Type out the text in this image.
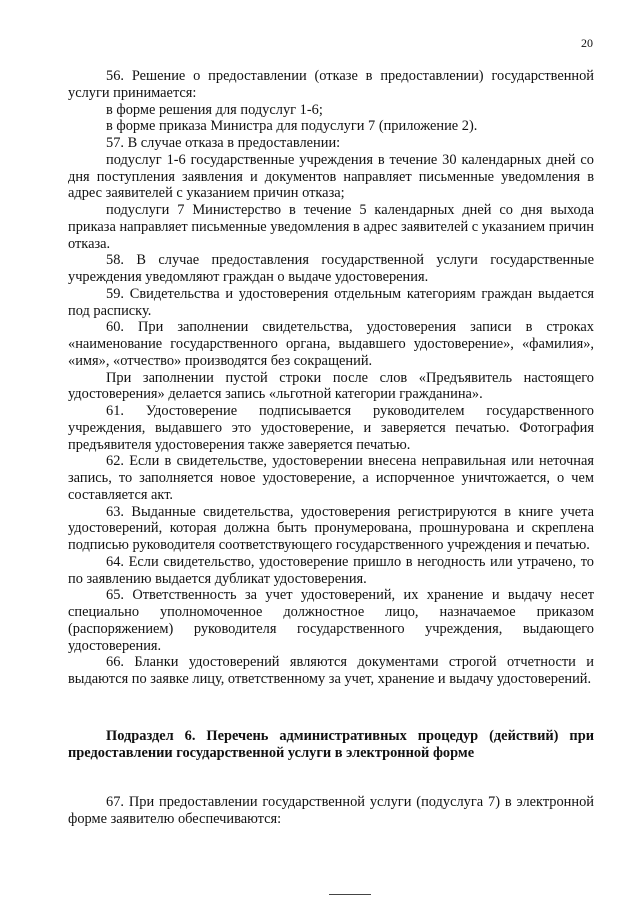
20

56. Решение о предоставлении (отказе в предоставлении) государственной услуги принимается:

в форме решения для подуслуг 1-6;

в форме приказа Министра для подуслуги 7 (приложение 2).

57. В случае отказа в предоставлении:

подуслуг 1-6 государственные учреждения в течение 30 календарных дней со дня поступления заявления и документов направляет письменные уведомления в адрес заявителей с указанием причин отказа;

подуслуги 7 Министерство в течение 5 календарных дней со дня выхода приказа направляет письменные уведомления в адрес заявителей с указанием причин отказа.

58. В случае предоставления государственной услуги государственные учреждения уведомляют граждан о выдаче удостоверения.

59. Свидетельства и удостоверения отдельным категориям граждан выдается под расписку.

60. При заполнении свидетельства, удостоверения записи в строках «наименование государственного органа, выдавшего удостоверение», «фамилия», «имя», «отчество» производятся без сокращений.

При заполнении пустой строки после слов «Предъявитель настоящего удостоверения» делается запись «льготной категории гражданина».

61. Удостоверение подписывается руководителем государственного учреждения, выдавшего это удостоверение, и заверяется печатью. Фотография предъявителя удостоверения также заверяется печатью.

62. Если в свидетельстве, удостоверении внесена неправильная или неточная запись, то заполняется новое удостоверение, а испорченное уничтожается, о чем составляется акт.

63. Выданные свидетельства, удостоверения регистрируются в книге учета удостоверений, которая должна быть пронумерована, прошнурована и скреплена подписью руководителя соответствующего государственного учреждения и печатью.

64. Если свидетельство, удостоверение пришло в негодность или утрачено, то по заявлению выдается дубликат удостоверения.

65. Ответственность за учет удостоверений, их хранение и выдачу несет специально уполномоченное должностное лицо, назначаемое приказом (распоряжением) руководителя государственного учреждения, выдающего удостоверения.

66. Бланки удостоверений являются документами строгой отчетности и выдаются по заявке лицу, ответственному за учет, хранение и выдачу удостоверений.

Подраздел 6. Перечень административных процедур (действий) при предоставлении государственной услуги в электронной форме

67. При предоставлении государственной услуги (подуслуга 7) в электронной форме заявителю обеспечиваются:
